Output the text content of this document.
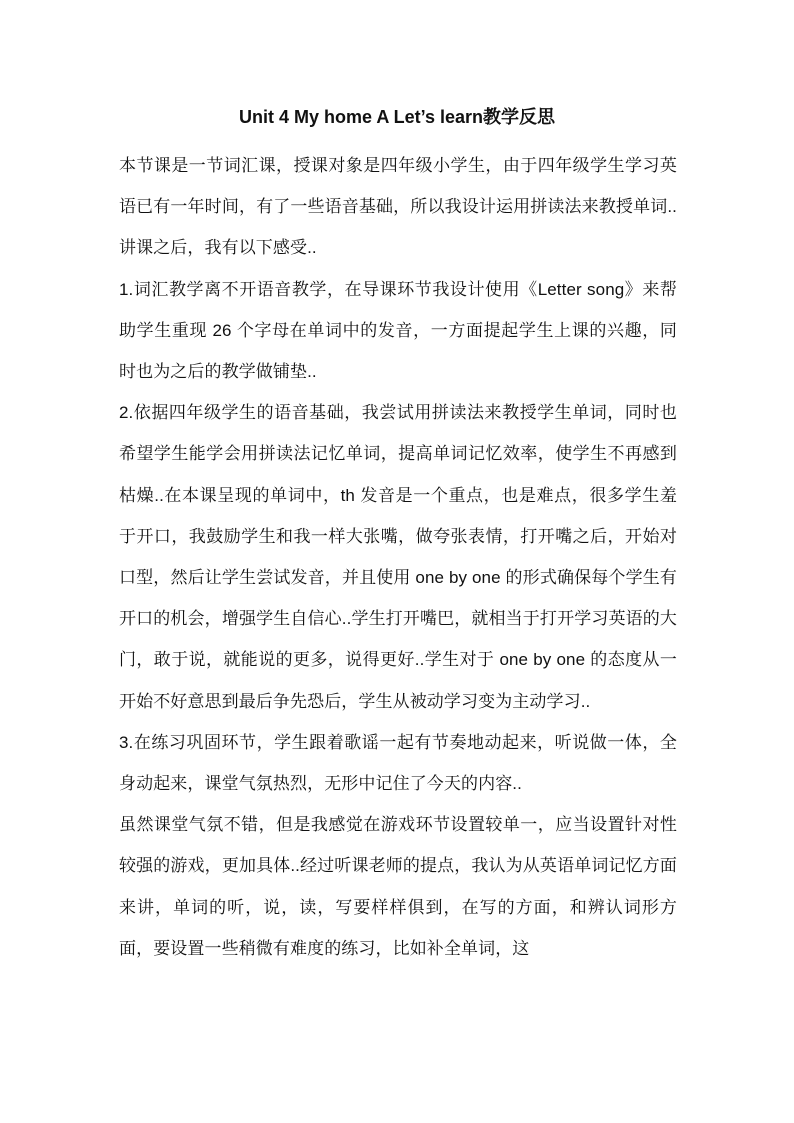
Unit 4 My home A Let’s learn教学反思

本节课是一节词汇课，授课对象是四年级小学生，由于四年级学生学习英语已有一年时间，有了一些语音基础，所以我设计运用拼读法来教授单词..讲课之后，我有以下感受..

1.词汇教学离不开语音教学，在导课环节我设计使用《Letter song》来帮助学生重现 26 个字母在单词中的发音，一方面提起学生上课的兴趣，同时也为之后的教学做铺垫..

2.依据四年级学生的语音基础，我尝试用拼读法来教授学生单词，同时也希望学生能学会用拼读法记忆单词，提高单词记忆效率，使学生不再感到枯燥..在本课呈现的单词中，th 发音是一个重点，也是难点，很多学生羞于开口，我鼓励学生和我一样大张嘴，做夸张表情，打开嘴之后，开始对口型，然后让学生尝试发音，并且使用 one by one 的形式确保每个学生有开口的机会，增强学生自信心..学生打开嘴巴，就相当于打开学习英语的大门，敢于说，就能说的更多，说得更好..学生对于 one by one 的态度从一开始不好意思到最后争先恐后，学生从被动学习变为主动学习..

3.在练习巩固环节，学生跟着歌谣一起有节奏地动起来，听说做一体，全身动起来，课堂气氛热烈，无形中记住了今天的内容..

虽然课堂气氛不错，但是我感觉在游戏环节设置较单一，应当设置针对性较强的游戏，更加具体..经过听课老师的提点，我认为从英语单词记忆方面来讲，单词的听，说，读，写要样样俱到，在写的方面，和辨认词形方面，要设置一些稍微有难度的练习，比如补全单词，这
